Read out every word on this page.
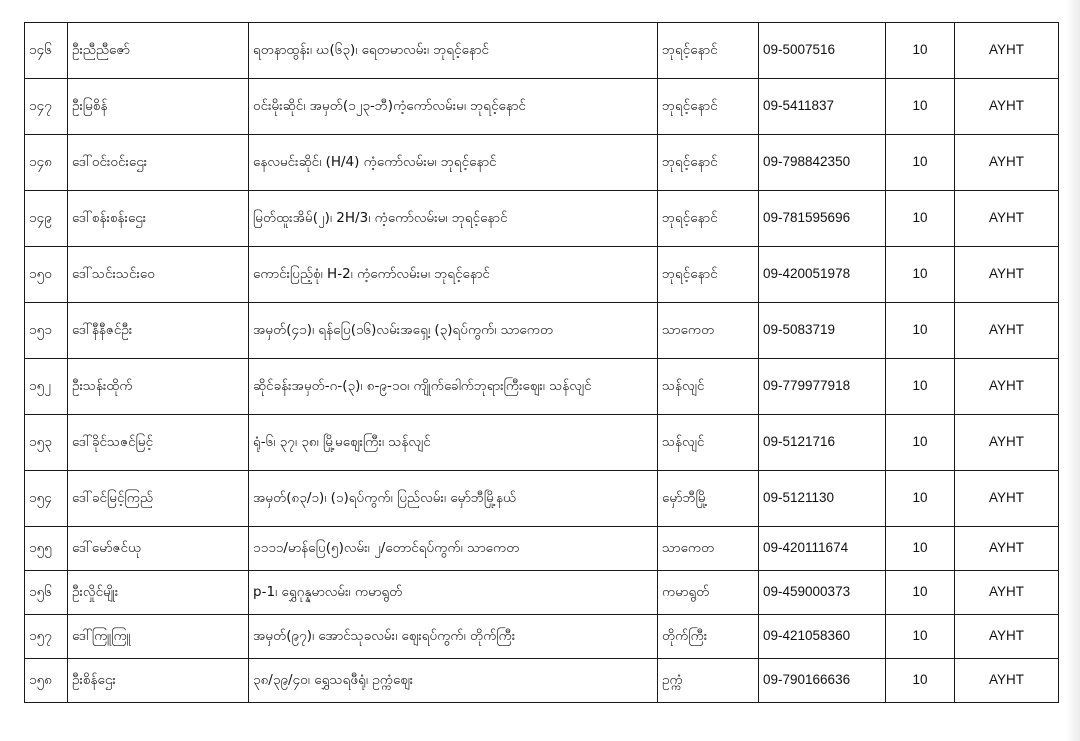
၁၄၆	ဦးညီညီဇော်	ရတနာထွန်း၊ ဃ(၆၃)၊ ရေတမာလမ်း၊ ဘုရင့်နောင်	ဘုရင့်နောင်	09-5007516	10	AYHT
၁၄၇	ဦးမြစိန်	ဝင်းမိုးဆိုင်၊ အမှတ်(၁၂၃-ဘီ)ကံ့ကော်လမ်းမ၊ ဘုရင့်နောင်	ဘုရင့်နောင်	09-5411837	10	AYHT
၁၄၈	ဒေါ်ဝင်းဝင်းဌေး	နေလမင်းဆိုင်၊ (H/4) ကံ့ကော်လမ်းမ၊ ဘုရင့်နောင်	ဘုရင့်နောင်	09-798842350	10	AYHT
၁၄၉	ဒေါ်စန်းစန်းဌေး	မြတ်ထူးအိမ်(၂)၊ 2H/3၊ ကံ့ကော်လမ်းမ၊ ဘုရင့်နောင်	ဘုရင့်နောင်	09-781595696	10	AYHT
၁၅၀	ဒေါ်သင်းသင်းဝေ	ကောင်းပြည့်စုံ၊ H-2၊ ကံ့ကော်လမ်းမ၊ ဘုရင့်နောင်	ဘုရင့်နောင်	09-420051978	10	AYHT
၁၅၁	ဒေါ်နီနီဇင်ဦး	အမှတ်(၄၁)၊ ရန်ပြေ(၁၆)လမ်းအရှေ့၊ (၃)ရပ်ကွက်၊ သာကေတ	သာကေတ	09-5083719	10	AYHT
၁၅၂	ဦးသန်းထိုက်	ဆိုင်ခန်းအမှတ်-ဂ-(၃)၊ ၈-၉-၁၀၊ ကျိုက်ခေါက်ဘုရားကြီးဈေး၊ သန်လျင်	သန်လျင်	09-779977918	10	AYHT
၁၅၃	ဒေါ်ခိုင်သဇင်မြင့်	ရုံ-၆၊ ၃၇၊ ၃၈၊ မြို့မဈေးကြီး၊ သန်လျင်	သန်လျင်	09-5121716	10	AYHT
၁၅၄	ဒေါ်ခင်မြင့်ကြည်	အမှတ်(၈၃/၁)၊ (၁)ရပ်ကွက်၊ ပြည်လမ်း၊ မှော်ဘီမြို့နယ်	မှော်ဘီမြို့	09-5121130	10	AYHT
၁၅၅	ဒေါ်မော်ဇင်ယု	၁၁၁၁/မာန်ပြေ(၅)လမ်း၊ ၂/တောင်ရပ်ကွက်၊ သာကေတ	သာကေတ	09-420111674	10	AYHT
၁၅၆	ဦးလှိုင်မျိုး	p-1၊ ရွှေဂုန္နမာလမ်း၊ ကမာရွတ်	ကမာရွတ်	09-459000373	10	AYHT
၁၅၇	ဒေါ်ကြူကြူ	အမှတ်(၉၇)၊ အောင်သုခလမ်း၊ ဈေးရပ်ကွက်၊ တိုက်ကြီး	တိုက်ကြီး	09-421058360	10	AYHT
၁၅၈	ဦးစိန်ဌေး	၃၈/၃၉/၄၀၊ ရွှေသရဖီရုံ၊ ဥက္ကံဈေး	ဥက္ကံ	09-790166636	10	AYHT
